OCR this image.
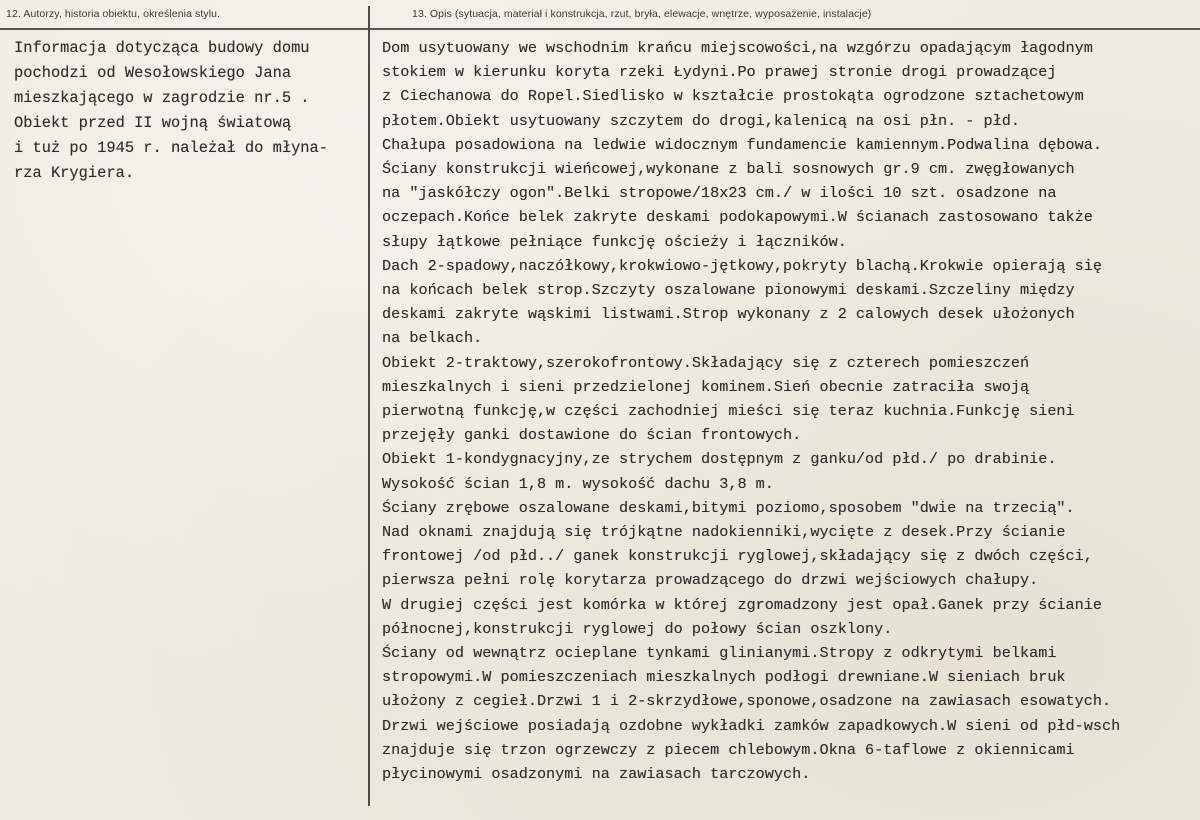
12. Autorzy, historia obiektu, określenia stylu.	13. Opis (sytuacja, materiał i konstrukcja, rzut, bryła, elewacje, wnętrze, wyposażenie, instalacje)
Informacja dotycząca budowy domu
pochodzi od Wesołowskiego Jana
mieszkającego w zagrodzie nr.5 .
Obiekt przed II wojną światową
i tuż po 1945 r. należał do młyna-
rza Krygiera.
Dom usytuowany we wschodnim krańcu miejscowości,na wzgórzu opadającym łagodnym
stokiem w kierunku koryta rzeki Łydyni.Po prawej stronie drogi prowadzącej
z Ciechanowa do Ropel.Siedlisko w kształcie prostokąta ogrodzone sztachetowym
płotem.Obiekt usytuowany szczytem do drogi,kalenicą na osi płn. - płd.
Chałupa posadowiona na ledwie widocznym fundamencie kamiennym.Podwalina dębowa.
Ściany konstrukcji wieńcowej,wykonane z bali sosnowych gr.9 cm. zwęgłowanych
na "jaskółczy ogon".Belki stropowe/18x23 cm./ w ilości 10 szt. osadzone na
oczepach.Końce belek zakryte deskami podokapowymi.W ścianach zastosowano także
słupy łątkowe pełniące funkcję ościeży i łączników.
Dach 2-spadowy,naczółkowy,krokwiowo-jętkowy,pokryty blachą.Krokwie opierają się
na końcach belek strop.Szczyty oszalowane pionowymi deskami.Szczeliny między
deskami zakryte wąskimi listwami.Strop wykonany z 2 calowych desek ułożonych
na belkach.
Obiekt 2-traktowy,szerokofrontowy.Składający się z czterech pomieszczeń
mieszkalnych i sieni przedzielonej kominem.Sień obecnie zatraciła swoją
pierwotną funkcję,w części zachodniej mieści się teraz kuchnia.Funkcję sieni
przejęły ganki dostawione do ścian frontowych.
Obiekt 1-kondygnacyjny,ze strychem dostępnym z ganku/od płd./ po drabinie.
Wysokość ścian 1,8 m. wysokość dachu 3,8 m.
Ściany zrębowe oszalowane deskami,bitymi poziomo,sposobem "dwie na trzecią".
Nad oknami znajdują się trójkątne nadokienniki,wycięte z desek.Przy ścianie
frontowej /od płd../ ganek konstrukcji ryglowej,składający się z dwóch części,
pierwsza pełni rolę korytarza prowadzącego do drzwi wejściowych chałupy.
W drugiej części jest komórka w której zgromadzony jest opał.Ganek przy ścianie
północnej,konstrukcji ryglowej do połowy ścian oszklony.
Ściany od wewnątrz ocieplane tynkami glinianymi.Stropy z odkrytymi belkami
stropowymi.W pomieszczeniach mieszkalnych podłogi drewniane.W sieniach bruk
ułożony z cegieł.Drzwi 1 i 2-skrzydłowe,sponowe,osadzone na zawiasach esowatych.
Drzwi wejściowe posiadają ozdobne wykładki zamków zapadkowych.W sieni od płd-wsch
znajduje się trzon ogrzewczy z piecem chlebowym.Okna 6-taflowe z okiennicami
płycinowymi osadzonymi na zawiasach tarczowych.
